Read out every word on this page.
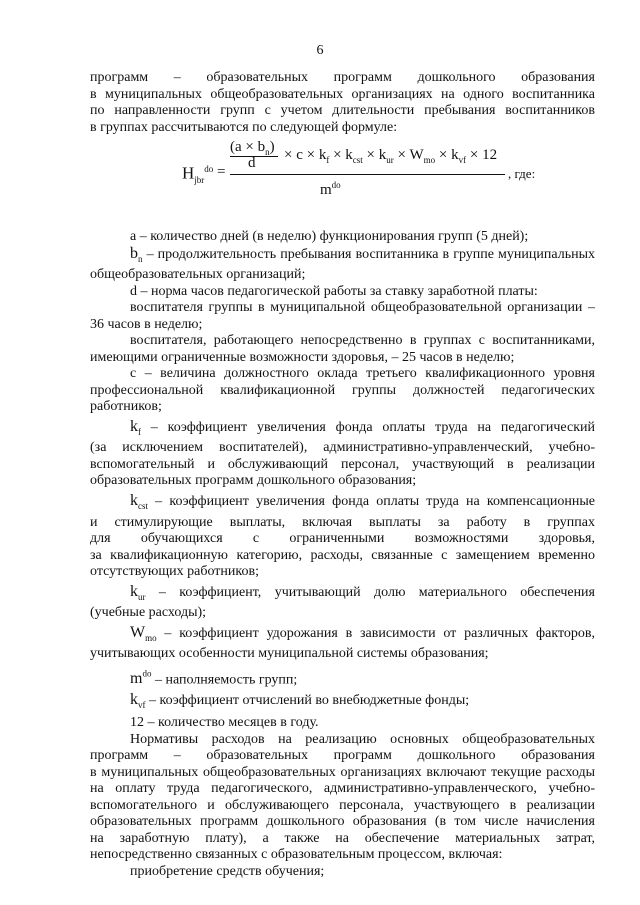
6
программ – образовательных программ дошкольного образования
в муниципальных общеобразовательных организациях на одного воспитанника
по направленности групп с учетом длительности пребывания воспитанников
в группах рассчитываются по следующей формуле:
$H_{jbr}^{do}$ =
$(a \times b_n)$
$d \times c \times k_f \times k_{cst} \times k_{ur} \times W_{mo} \times k_{vf} \times 12$
$m^{do}$
, где:
a – количество дней (в неделю) функционирования групп (5 дней);
$b_n$ – продолжительность пребывания воспитанника в группе муниципальных
общеобразовательных организаций;
d – норма часов педагогической работы за ставку заработной платы:
воспитателя группы в муниципальной общеобразовательной организации –
36 часов в неделю;
воспитателя, работающего непосредственно в группах с воспитанниками,
имеющими ограниченные возможности здоровья, – 25 часов в неделю;
c – величина должностного оклада третьего квалификационного уровня
профессиональной квалификационной группы должностей педагогических
работников;
$k_f$ – коэффициент увеличения фонда оплаты труда на педагогический
(за исключением воспитателей), административно-управленческий, учебно-
вспомогательный и обслуживающий персонал, участвующий в реализации
образовательных программ дошкольного образования;
$k_{cst}$ – коэффициент увеличения фонда оплаты труда на компенсационные
и стимулирующие выплаты, включая выплаты за работу в группах
для обучающихся с ограниченными возможностями здоровья,
за квалификационную категорию, расходы, связанные с замещением временно
отсутствующих работников;
$k_{ur}$ – коэффициент, учитывающий долю материального обеспечения
(учебные расходы);
$W_{mo}$ – коэффициент удорожания в зависимости от различных факторов,
учитывающих особенности муниципальной системы образования;
$m^{do}$ – наполняемость групп;
$k_{vf}$ – коэффициент отчислений во внебюджетные фонды;
12 – количество месяцев в году.
Нормативы расходов на реализацию основных общеобразовательных
программ – образовательных программ дошкольного образования
в муниципальных общеобразовательных организациях включают текущие расходы
на оплату труда педагогического, административно-управленческого, учебно-
вспомогательного и обслуживающего персонала, участвующего в реализации
образовательных программ дошкольного образования (в том числе начисления
на заработную плату), а также на обеспечение материальных затрат,
непосредственно связанных с образовательным процессом, включая:
приобретение средств обучения;
